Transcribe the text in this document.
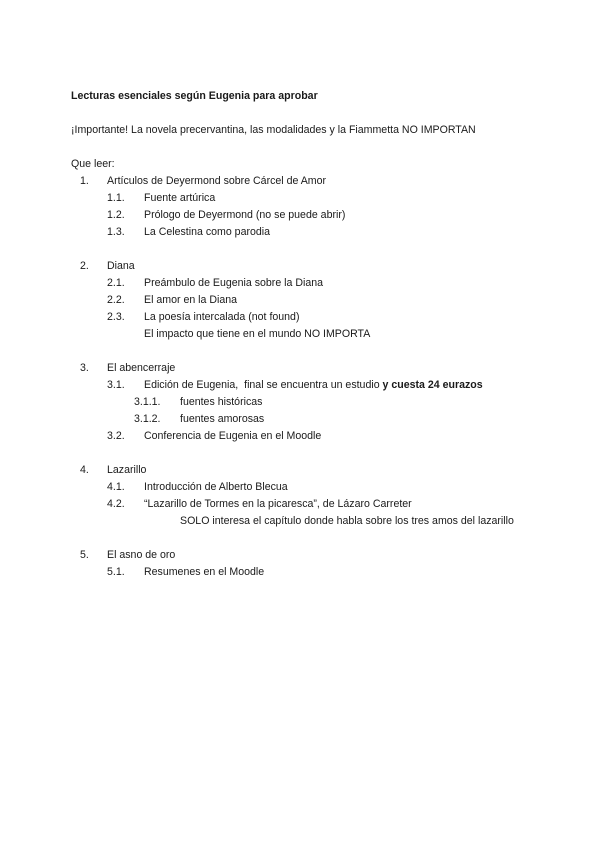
Lecturas esenciales según Eugenia para aprobar
¡Importante! La novela precervantina, las modalidades y la Fiammetta NO IMPORTAN
Que leer:
1. Artículos de Deyermond sobre Cárcel de Amor
1.1. Fuente artúrica
1.2. Prólogo de Deyermond (no se puede abrir)
1.3. La Celestina como parodia
2. Diana
2.1. Preámbulo de Eugenia sobre la Diana
2.2. El amor en la Diana
2.3. La poesía intercalada (not found)
El impacto que tiene en el mundo NO IMPORTA
3. El abencerraje
3.1. Edición de Eugenia,  final se encuentra un estudio y cuesta 24 eurazos
3.1.1. fuentes históricas
3.1.2. fuentes amorosas
3.2. Conferencia de Eugenia en el Moodle
4. Lazarillo
4.1. Introducción de Alberto Blecua
4.2. “Lazarillo de Tormes en la picaresca”, de Lázaro Carreter
SOLO interesa el capítulo donde habla sobre los tres amos del lazarillo
5. El asno de oro
5.1. Resumenes en el Moodle
